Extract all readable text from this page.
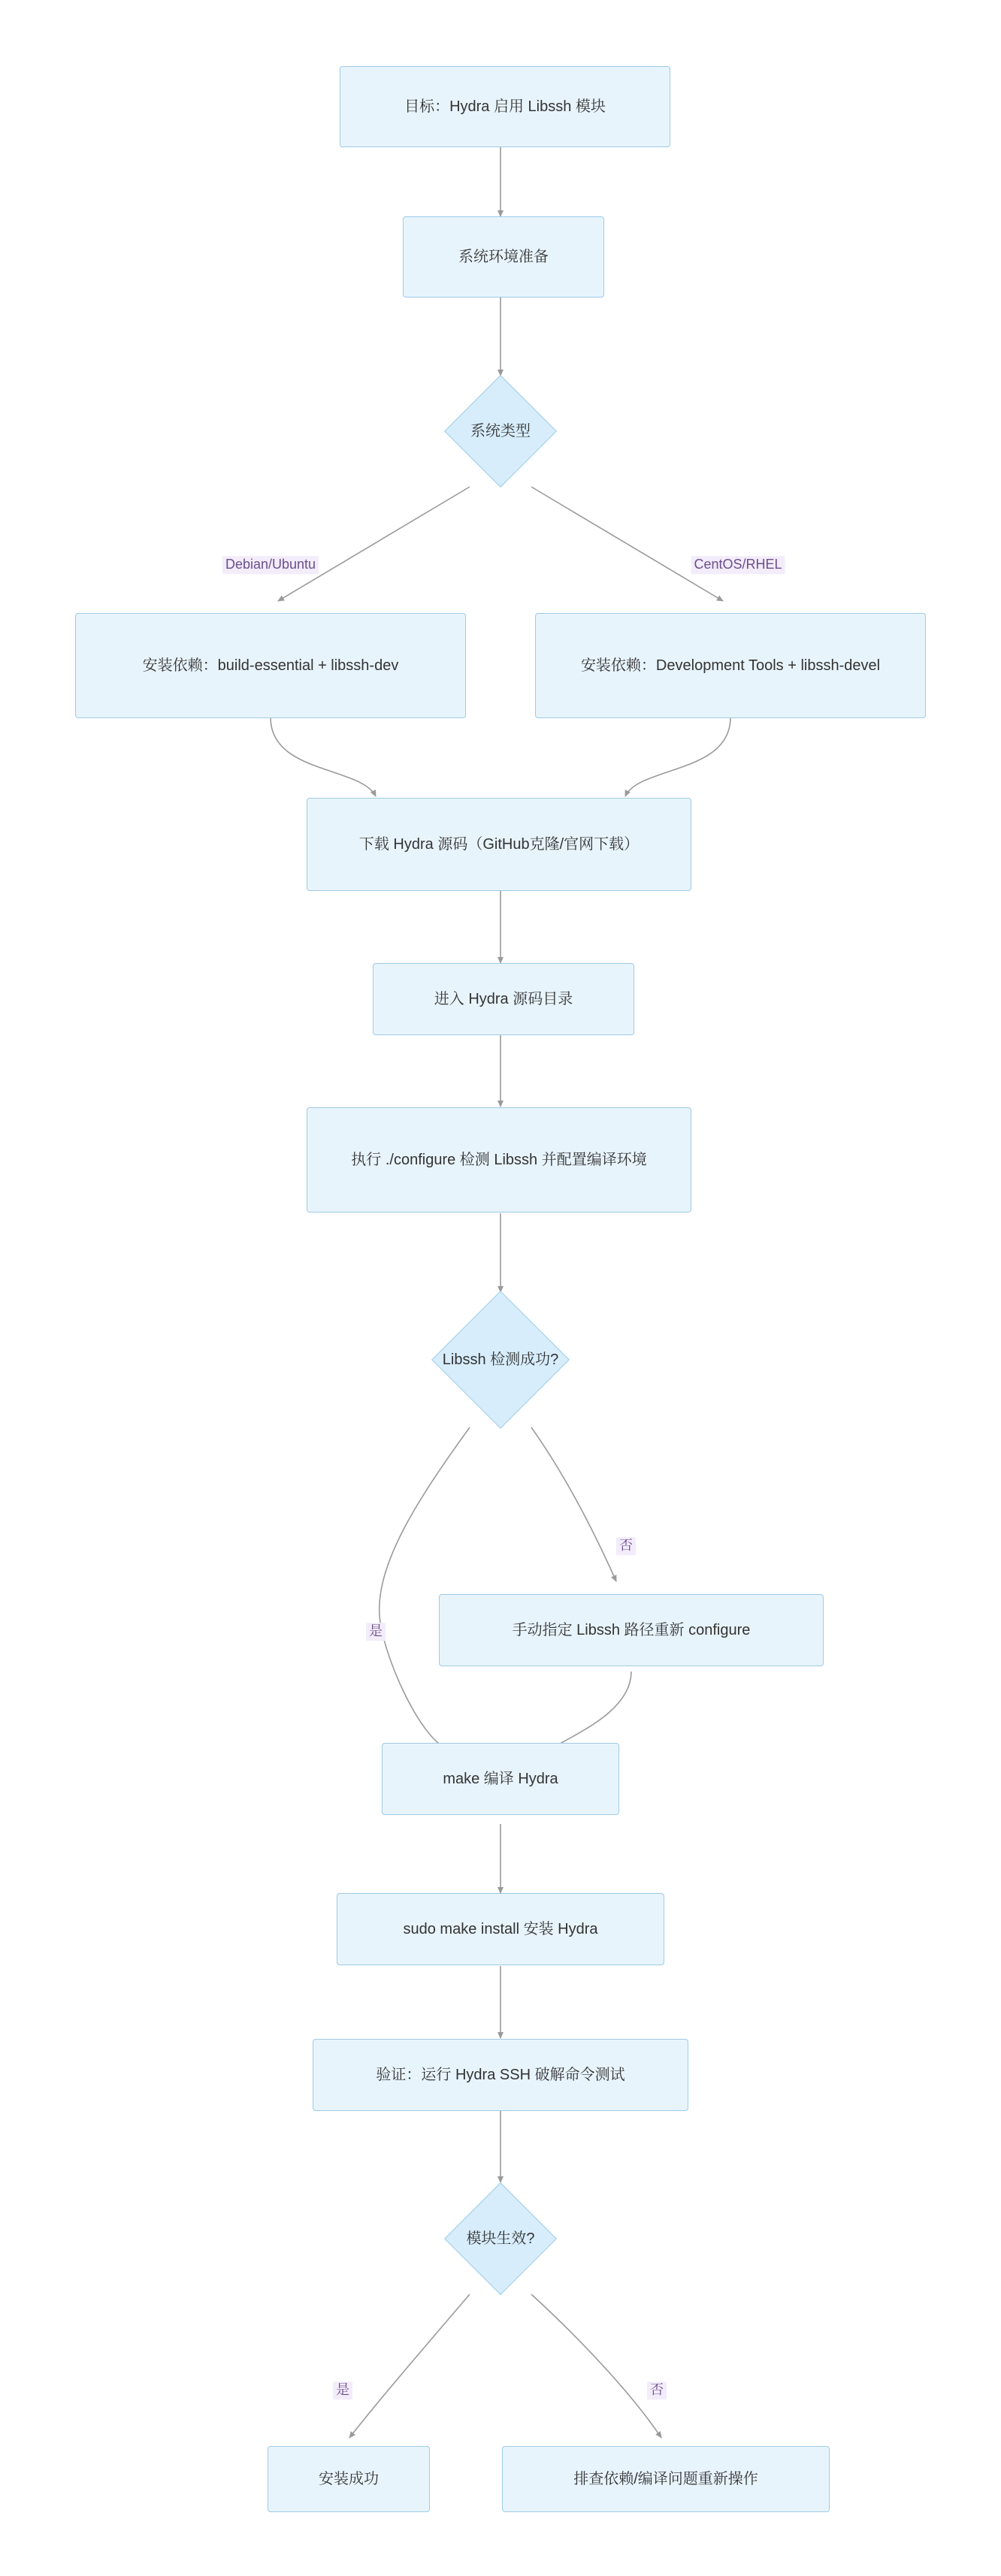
目标：Hydra 启用 Libssh 模块
系统环境准备
系统类型
安装依赖：build-essential + libssh-dev	安装依赖：Development Tools + libssh-devel
下载 Hydra 源码（GitHub克隆/官网下载）
进入 Hydra 源码目录
执行 ./configure 检测 Libssh 并配置编译环境
Libssh 检测成功?
手动指定 Libssh 路径重新 configure
make 编译 Hydra
sudo make install 安装 Hydra
验证：运行 Hydra SSH 破解命令测试
模块生效?
安装成功	排查依赖/编译问题重新操作
Debian/Ubuntu	CentOS/RHEL
是
否
是	否
